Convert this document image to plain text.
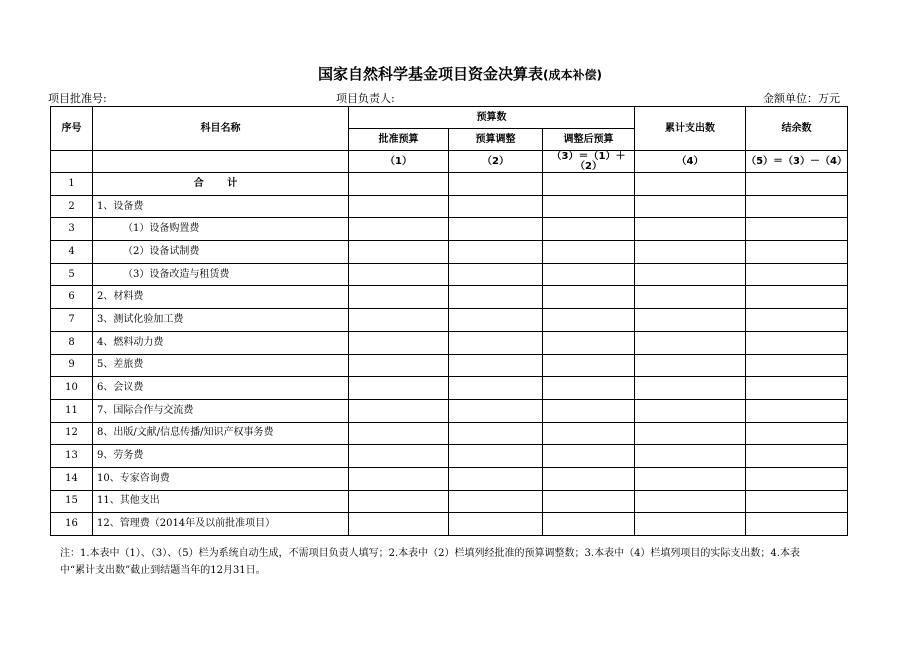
国家自然科学基金项目资金决算表(成本补偿)
项目批准号:	项目负责人:	金额单位：万元
序号	科目名称	预算数			累计支出数	结余数
		批准预算	预算调整	调整后预算		
		（1）	（2）	（3）＝（1）＋（2）	（4）	（5）＝（3）－（4）
1	合 计					
2	1、设备费					
3	（1）设备购置费					
4	（2）设备试制费					
5	（3）设备改造与租赁费					
6	2、材料费					
7	3、测试化验加工费					
8	4、燃料动力费					
9	5、差旅费					
10	6、会议费					
11	7、国际合作与交流费					
12	8、出版/文献/信息传播/知识产权事务费					
13	9、劳务费					
14	10、专家咨询费					
15	11、其他支出					
16	12、管理费（2014年及以前批准项目）					
注：1.本表中（1）、（3）、（5）栏为系统自动生成，不需项目负责人填写；2.本表中（2）栏填列经批准的预算调整数；3.本表中（4）栏填列项目的实际支出数；4.本表
中“累计支出数”截止到结题当年的12月31日。
